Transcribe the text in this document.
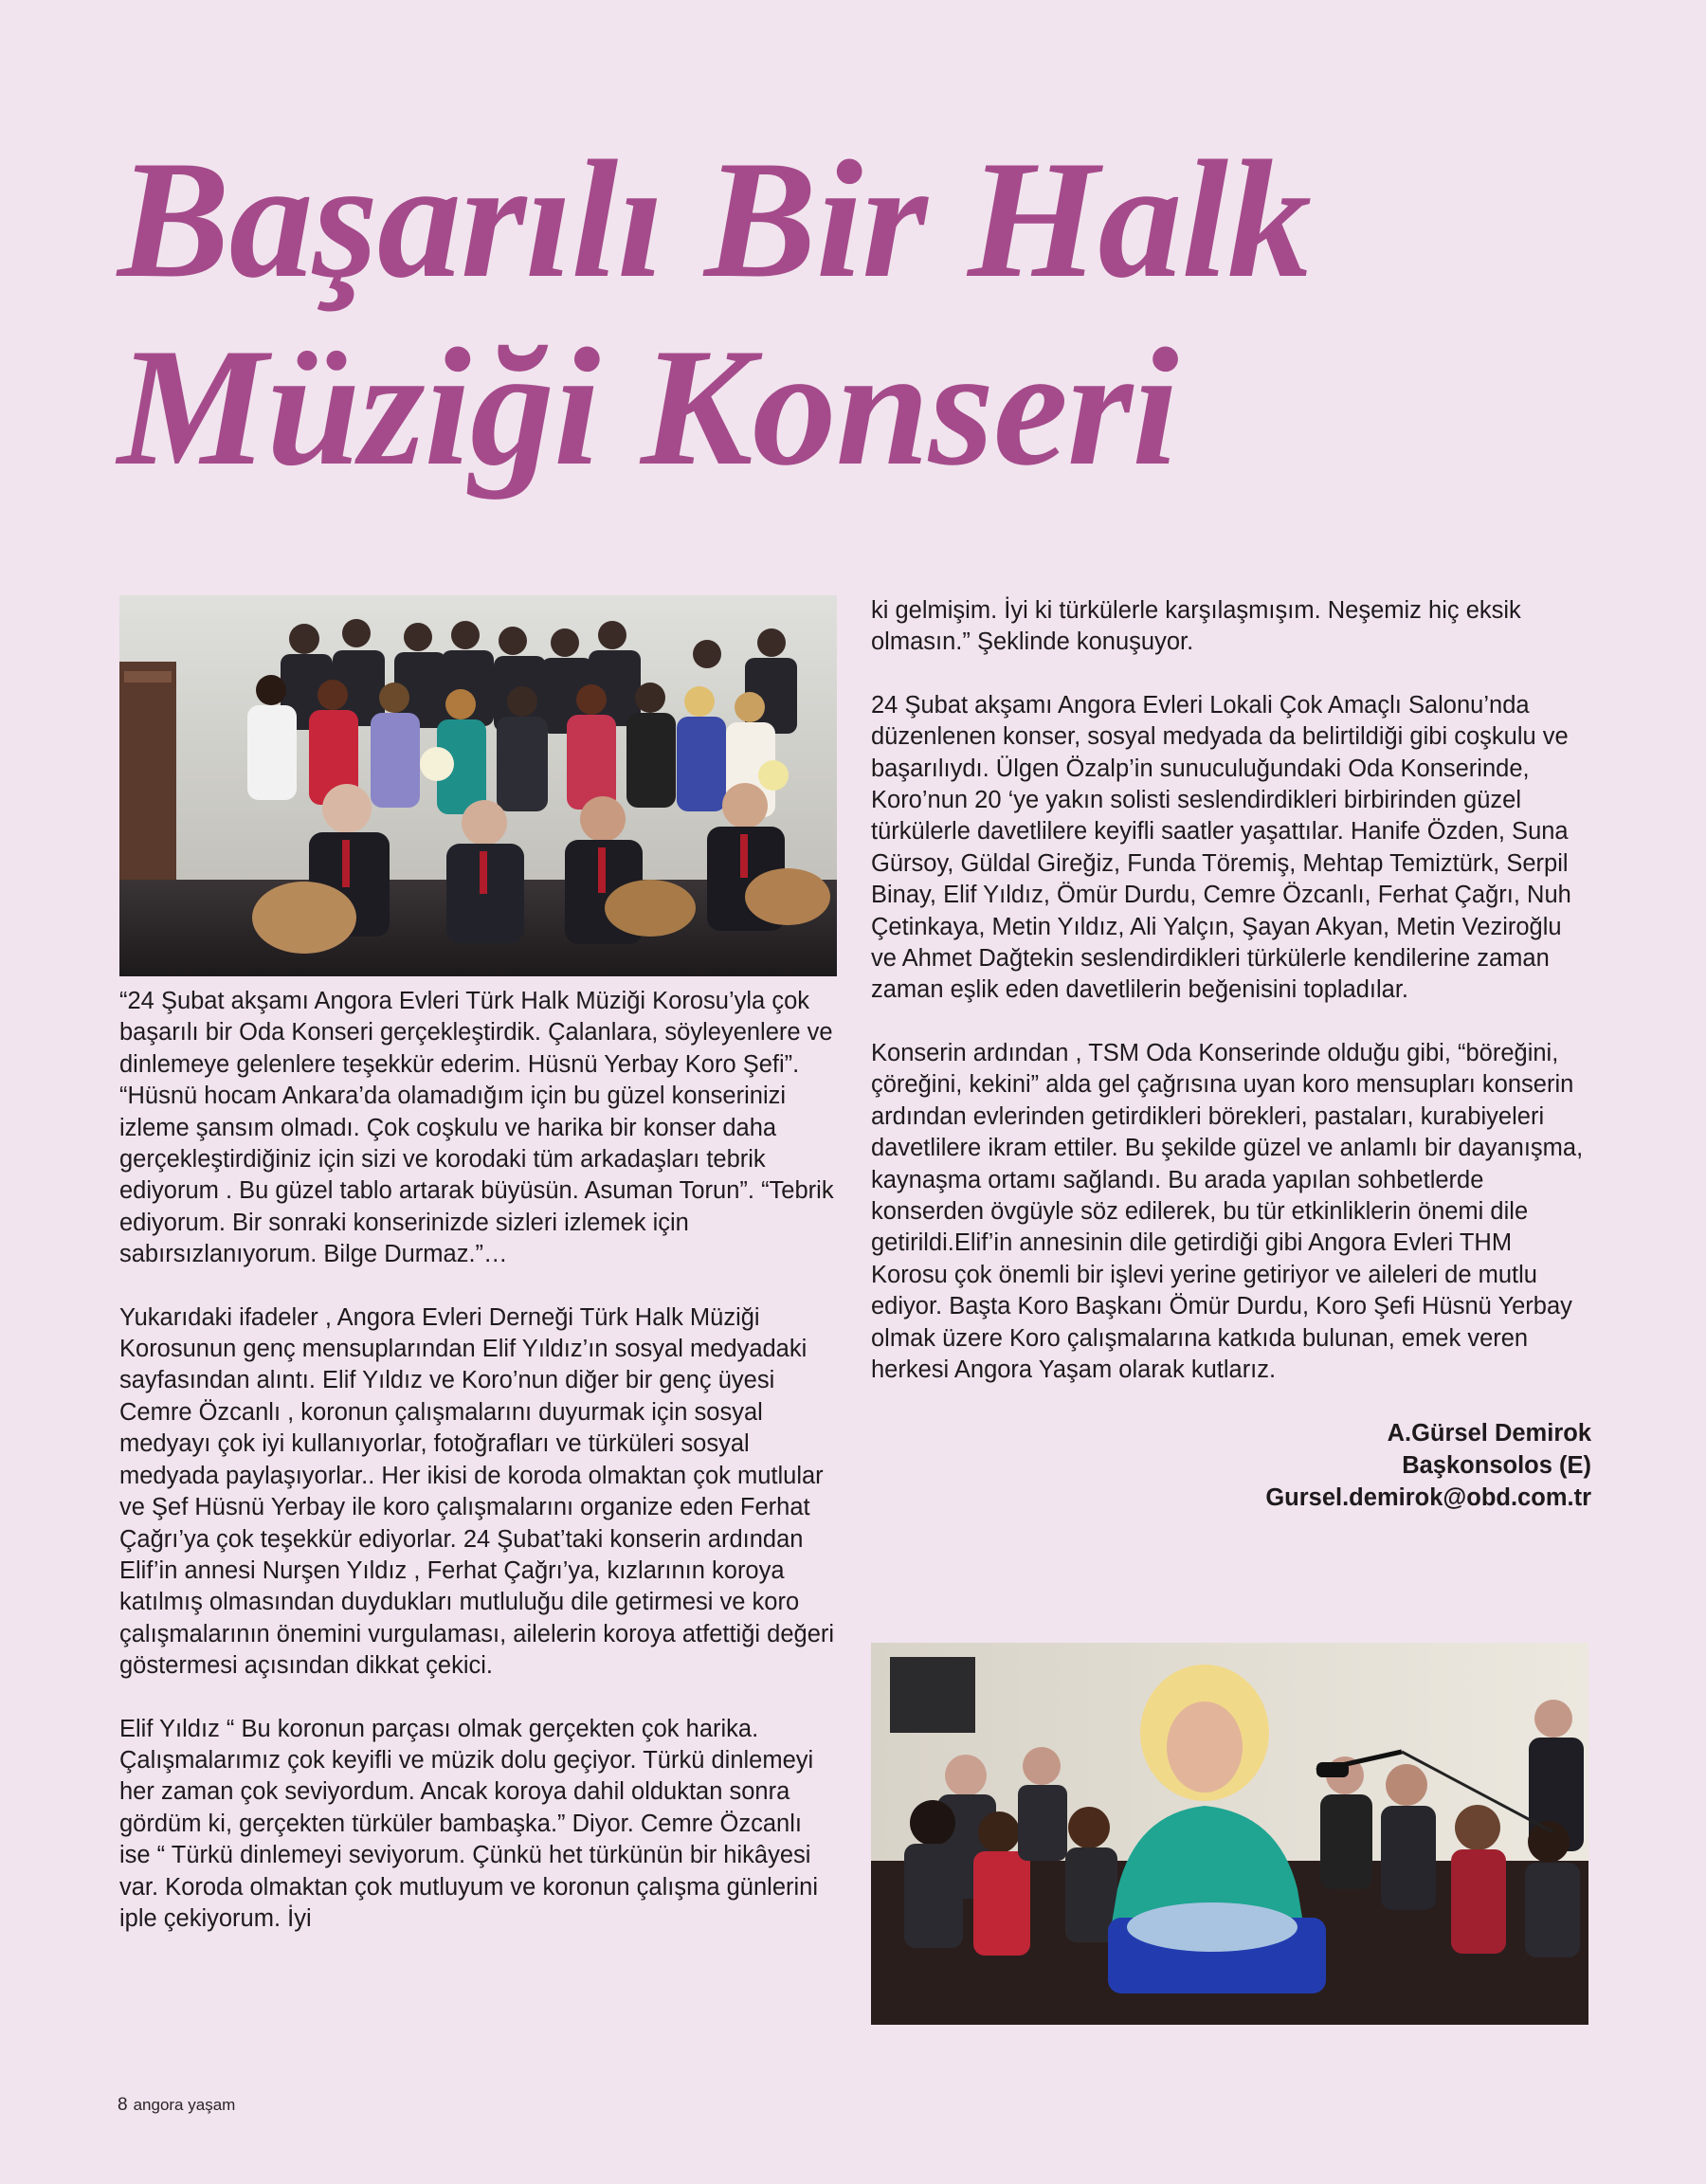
Başarılı Bir Halk
Müziği Konseri

“24 Şubat akşamı Angora Evleri Türk Halk Müziği Korosu’yla çok başarılı bir Oda Konseri gerçekleştirdik. Çalanlara, söyleyenlere ve dinlemeye gelenlere teşekkür ederim. Hüsnü Yerbay Koro Şefi”. “Hüsnü hocam Ankara’da olamadığım için bu güzel konserinizi izleme şansım olmadı. Çok coşkulu ve harika bir konser daha gerçekleştirdiğiniz için sizi ve korodaki tüm arkadaşları tebrik ediyorum . Bu güzel tablo artarak büyüsün. Asuman Torun”. “Tebrik ediyorum. Bir sonraki konserinizde sizleri izlemek için sabırsızlanıyorum. Bilge Durmaz.”…

Yukarıdaki ifadeler , Angora Evleri Derneği Türk Halk Müziği Korosunun genç mensuplarından Elif Yıldız’ın sosyal medyadaki sayfasından alıntı. Elif Yıldız ve Koro’nun diğer bir genç üyesi Cemre Özcanlı , koronun çalışmalarını duyurmak için sosyal medyayı çok iyi kullanıyorlar, fotoğrafları ve türküleri sosyal medyada paylaşıyorlar.. Her ikisi de koroda olmaktan çok mutlular ve Şef Hüsnü Yerbay ile koro çalışmalarını organize eden Ferhat Çağrı’ya çok teşekkür ediyorlar. 24 Şubat’taki konserin ardından Elif’in annesi Nurşen Yıldız , Ferhat Çağrı’ya, kızlarının koroya katılmış olmasından duydukları mutluluğu dile getirmesi ve koro çalışmalarının önemini vurgulaması, ailelerin koroya atfettiği değeri göstermesi açısından dikkat çekici.

Elif Yıldız “ Bu koronun parçası olmak gerçekten çok harika. Çalışmalarımız çok keyifli ve müzik dolu geçiyor. Türkü dinlemeyi her zaman çok seviyordum. Ancak koroya dahil olduktan sonra gördüm ki, gerçekten türküler bambaşka.” Diyor. Cemre Özcanlı ise “ Türkü dinlemeyi seviyorum. Çünkü het türkünün bir hikâyesi var. Koroda olmaktan çok mutluyum ve koronun çalışma günlerini iple çekiyorum. İyi

ki gelmişim. İyi ki türkülerle karşılaşmışım. Neşemiz hiç eksik olmasın.” Şeklinde konuşuyor.

24 Şubat akşamı Angora Evleri Lokali Çok Amaçlı Salonu’nda düzenlenen konser, sosyal medyada da belirtildiği gibi coşkulu ve başarılıydı. Ülgen Özalp’in sunuculuğundaki Oda Konserinde, Koro’nun 20 ‘ye yakın solisti seslendirdikleri birbirinden güzel türkülerle davetlilere keyifli saatler yaşattılar. Hanife Özden, Suna Gürsoy, Güldal Gireğiz, Funda Töremiş, Mehtap Temiztürk, Serpil Binay, Elif Yıldız, Ömür Durdu, Cemre Özcanlı, Ferhat Çağrı, Nuh Çetinkaya, Metin Yıldız, Ali Yalçın, Şayan Akyan, Metin Veziroğlu ve Ahmet Dağtekin seslendirdikleri türkülerle kendilerine zaman zaman eşlik eden davetlilerin beğenisini topladılar.

Konserin ardından , TSM Oda Konserinde olduğu gibi, “böreğini, çöreğini, kekini” alda gel çağrısına uyan koro mensupları konserin ardından evlerinden getirdikleri börekleri, pastaları, kurabiyeleri davetlilere ikram ettiler. Bu şekilde güzel ve anlamlı bir dayanışma, kaynaşma ortamı sağlandı. Bu arada yapılan sohbetlerde konserden övgüyle söz edilerek, bu tür etkinliklerin önemi dile getirildi.Elif’in annesinin dile getirdiği gibi Angora Evleri THM Korosu çok önemli bir işlevi yerine getiriyor ve aileleri de mutlu ediyor. Başta Koro Başkanı Ömür Durdu, Koro Şefi Hüsnü Yerbay olmak üzere Koro çalışmalarına katkıda bulunan, emek veren herkesi Angora Yaşam olarak kutlarız.

A.Gürsel Demirok
Başkonsolos (E)
Gursel.demirok@obd.com.tr
8 angora yaşam
